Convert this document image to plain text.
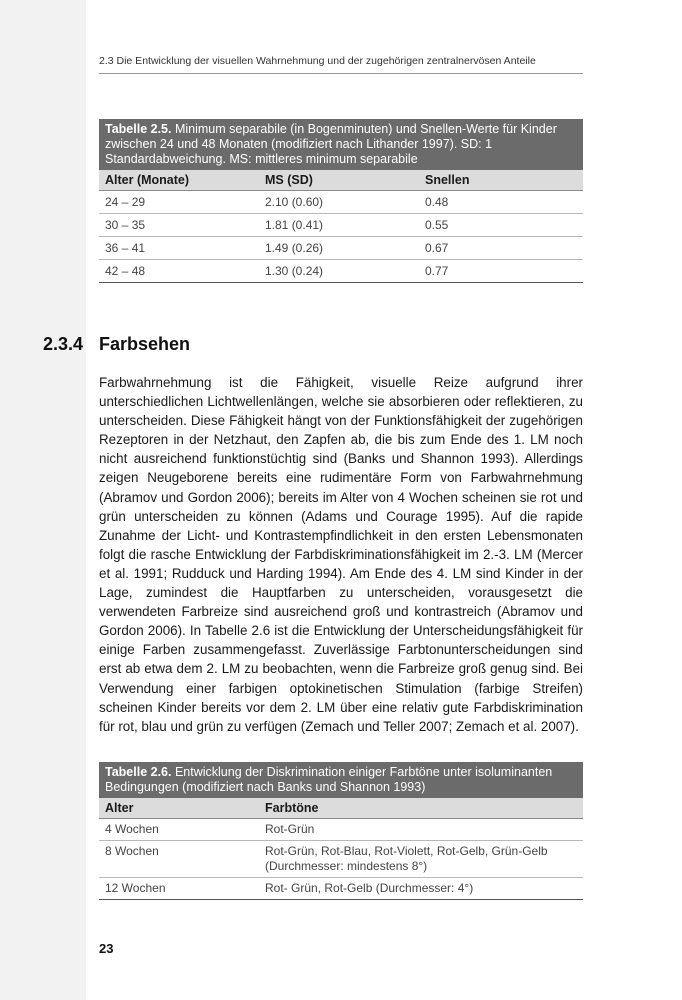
2.3 Die Entwicklung der visuellen Wahrnehmung und der zugehörigen zentralnervösen Anteile
Tabelle 2.5. Minimum separabile (in Bogenminuten) und Snellen-Werte für Kinder zwischen 24 und 48 Monaten (modifiziert nach Lithander 1997). SD: 1 Standardabweichung. MS: mittleres minimum separabile
Alter (Monate)	MS (SD)	Snellen
24 – 29	2.10 (0.60)	0.48
30 – 35	1.81 (0.41)	0.55
36 – 41	1.49 (0.26)	0.67
42 – 48	1.30 (0.24)	0.77
2.3.4 Farbsehen

Farbwahrnehmung ist die Fähigkeit, visuelle Reize aufgrund ihrer unterschiedlichen Lichtwellenlängen, welche sie absorbieren oder reflektieren, zu unterscheiden. Diese Fähigkeit hängt von der Funktionsfähigkeit der zugehörigen Rezeptoren in der Netzhaut, den Zapfen ab, die bis zum Ende des 1. LM noch nicht ausreichend funktionstüchtig sind (Banks und Shannon 1993). Allerdings zeigen Neugeborene bereits eine rudimentäre Form von Farbwahrnehmung (Abramov und Gordon 2006); bereits im Alter von 4 Wochen scheinen sie rot und grün unterscheiden zu können (Adams und Courage 1995). Auf die rapide Zunahme der Licht- und Kontrastempfindlichkeit in den ersten Lebensmonaten folgt die rasche Entwicklung der Farbdiskriminationsfähigkeit im 2.-3. LM (Mercer et al. 1991; Rudduck und Harding 1994). Am Ende des 4. LM sind Kinder in der Lage, zumindest die Hauptfarben zu unterscheiden, vorausgesetzt die verwendeten Farbreize sind ausreichend groß und kontrastreich (Abramov und Gordon 2006). In Tabelle 2.6 ist die Entwicklung der Unterscheidungsfähigkeit für einige Farben zusammengefasst. Zuverlässige Farbtonunterscheidungen sind erst ab etwa dem 2. LM zu beobachten, wenn die Farbreize groß genug sind. Bei Verwendung einer farbigen optokinetischen Stimulation (farbige Streifen) scheinen Kinder bereits vor dem 2. LM über eine relativ gute Farbdiskrimination für rot, blau und grün zu verfügen (Zemach und Teller 2007; Zemach et al. 2007).

Tabelle 2.6. Entwicklung der Diskrimination einiger Farbtöne unter isoluminanten Bedingungen (modifiziert nach Banks und Shannon 1993)
Alter	Farbtöne
4 Wochen	Rot-Grün
8 Wochen	Rot-Grün, Rot-Blau, Rot-Violett, Rot-Gelb, Grün-Gelb (Durchmesser: mindestens 8°)
12 Wochen	Rot- Grün, Rot-Gelb (Durchmesser: 4°)
23
